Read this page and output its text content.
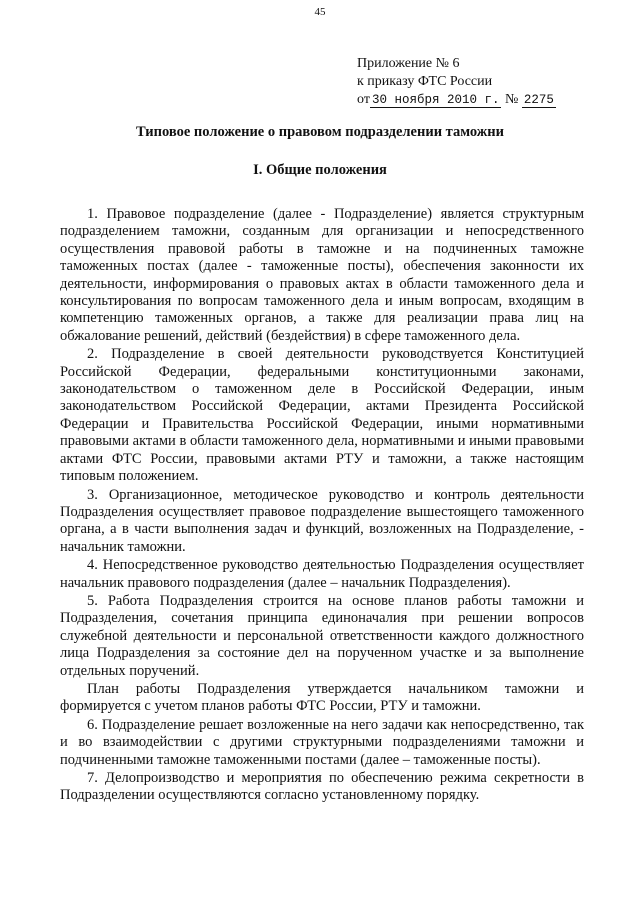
45
Приложение № 6
к приказу ФТС России
от 30 ноября 2010 г. № 2275
Типовое положение о правовом подразделении таможни
I. Общие положения

1. Правовое подразделение (далее - Подразделение) является структурным подразделением таможни, созданным для организации и непосредственного осуществления правовой работы в таможне и на подчиненных таможне таможенных постах (далее - таможенные посты), обеспечения законности их деятельности, информирования о правовых актах в области таможенного дела и консультирования по вопросам таможенного дела и иным вопросам, входящим в компетенцию таможенных органов, а также для реализации права лиц на обжалование решений, действий (бездействия) в сфере таможенного дела.

2. Подразделение в своей деятельности руководствуется Конституцией Российской Федерации, федеральными конституционными законами, законодательством о таможенном деле в Российской Федерации, иным законодательством Российской Федерации, актами Президента Российской Федерации и Правительства Российской Федерации, иными нормативными правовыми актами в области таможенного дела, нормативными и иными правовыми актами ФТС России, правовыми актами РТУ и таможни, а также настоящим типовым положением.

3. Организационное, методическое руководство и контроль деятельности Подразделения осуществляет правовое подразделение вышестоящего таможенного органа, а в части выполнения задач и функций, возложенных на Подразделение, - начальник таможни.

4. Непосредственное руководство деятельностью Подразделения осуществляет начальник правового подразделения (далее – начальник Подразделения).

5. Работа Подразделения строится на основе планов работы таможни и Подразделения, сочетания принципа единоначалия при решении вопросов служебной деятельности и персональной ответственности каждого должностного лица Подразделения за состояние дел на порученном участке и за выполнение отдельных поручений.

План работы Подразделения утверждается начальником таможни и формируется с учетом планов работы ФТС России, РТУ и таможни.

6. Подразделение решает возложенные на него задачи как непосредственно, так и во взаимодействии с другими структурными подразделениями таможни и подчиненными таможне таможенными постами (далее – таможенные посты).

7. Делопроизводство и мероприятия по обеспечению режима секретности в Подразделении осуществляются согласно установленному порядку.
